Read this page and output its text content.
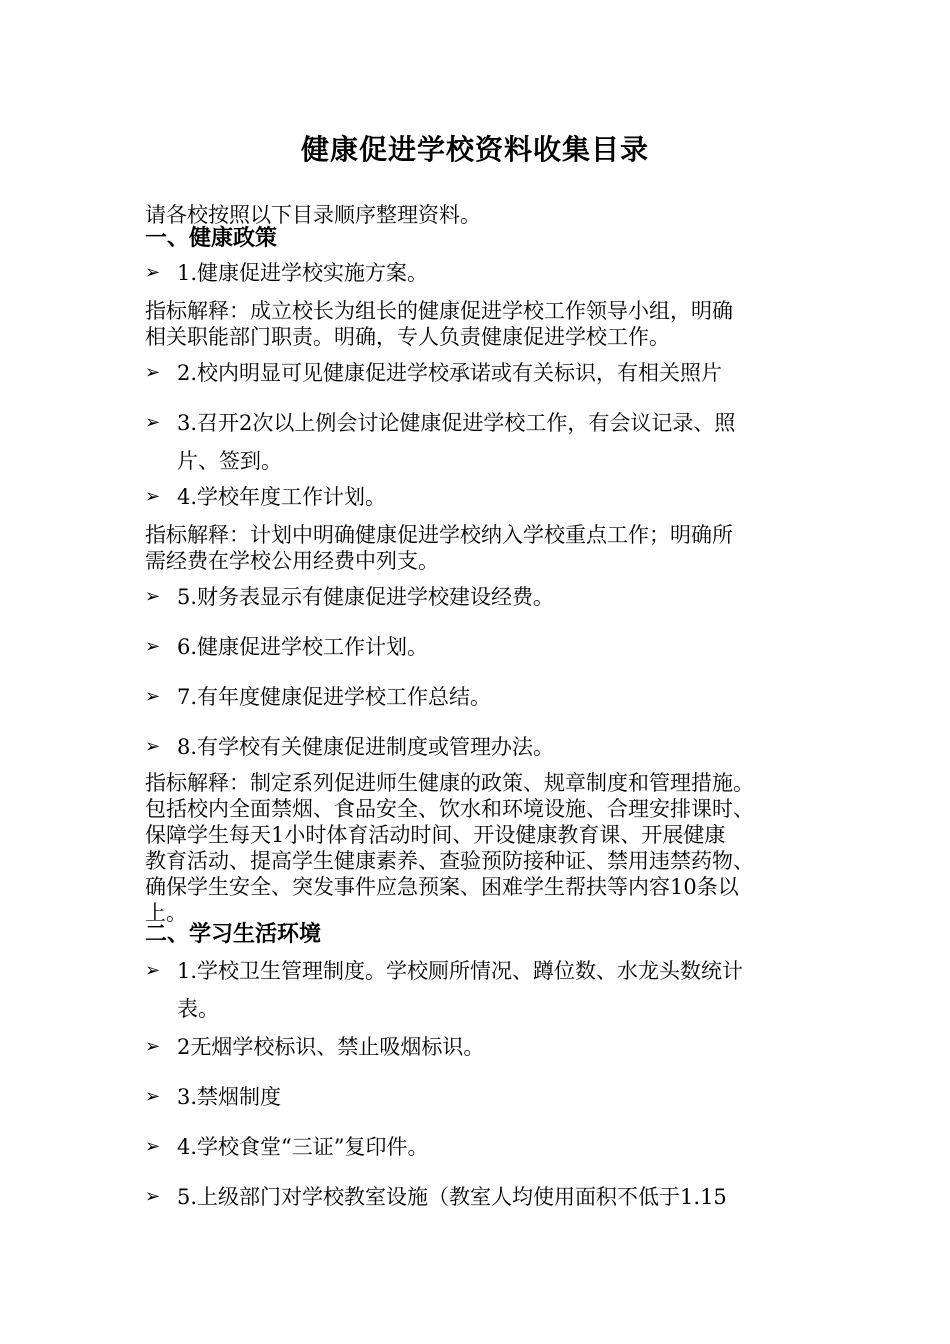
健康促进学校资料收集目录
请各校按照以下目录顺序整理资料。
一、健康政策
➢ 1.健康促进学校实施方案。
指标解释：成立校长为组长的健康促进学校工作领导小组，明确
相关职能部门职责。明确，专人负责健康促进学校工作。
➢ 2.校内明显可见健康促进学校承诺或有关标识，有相关照片
➢ 3.召开2次以上例会讨论健康促进学校工作，有会议记录、照
片、签到。
➢ 4.学校年度工作计划。
指标解释：计划中明确健康促进学校纳入学校重点工作；明确所
需经费在学校公用经费中列支。
➢ 5.财务表显示有健康促进学校建设经费。
➢ 6.健康促进学校工作计划。
➢ 7.有年度健康促进学校工作总结。
➢ 8.有学校有关健康促进制度或管理办法。
指标解释：制定系列促进师生健康的政策、规章制度和管理措施。
包括校内全面禁烟、食品安全、饮水和环境设施、合理安排课时、
保障学生每天1小时体育活动时间、开设健康教育课、开展健康
教育活动、提高学生健康素养、查验预防接种证、禁用违禁药物、
确保学生安全、突发事件应急预案、困难学生帮扶等内容10条以
上。
二、学习生活环境
➢ 1.学校卫生管理制度。学校厕所情况、蹲位数、水龙头数统计
表。
➢ 2无烟学校标识、禁止吸烟标识。
➢ 3.禁烟制度
➢ 4.学校食堂“三证”复印件。
➢ 5.上级部门对学校教室设施（教室人均使用面积不低于1.15
